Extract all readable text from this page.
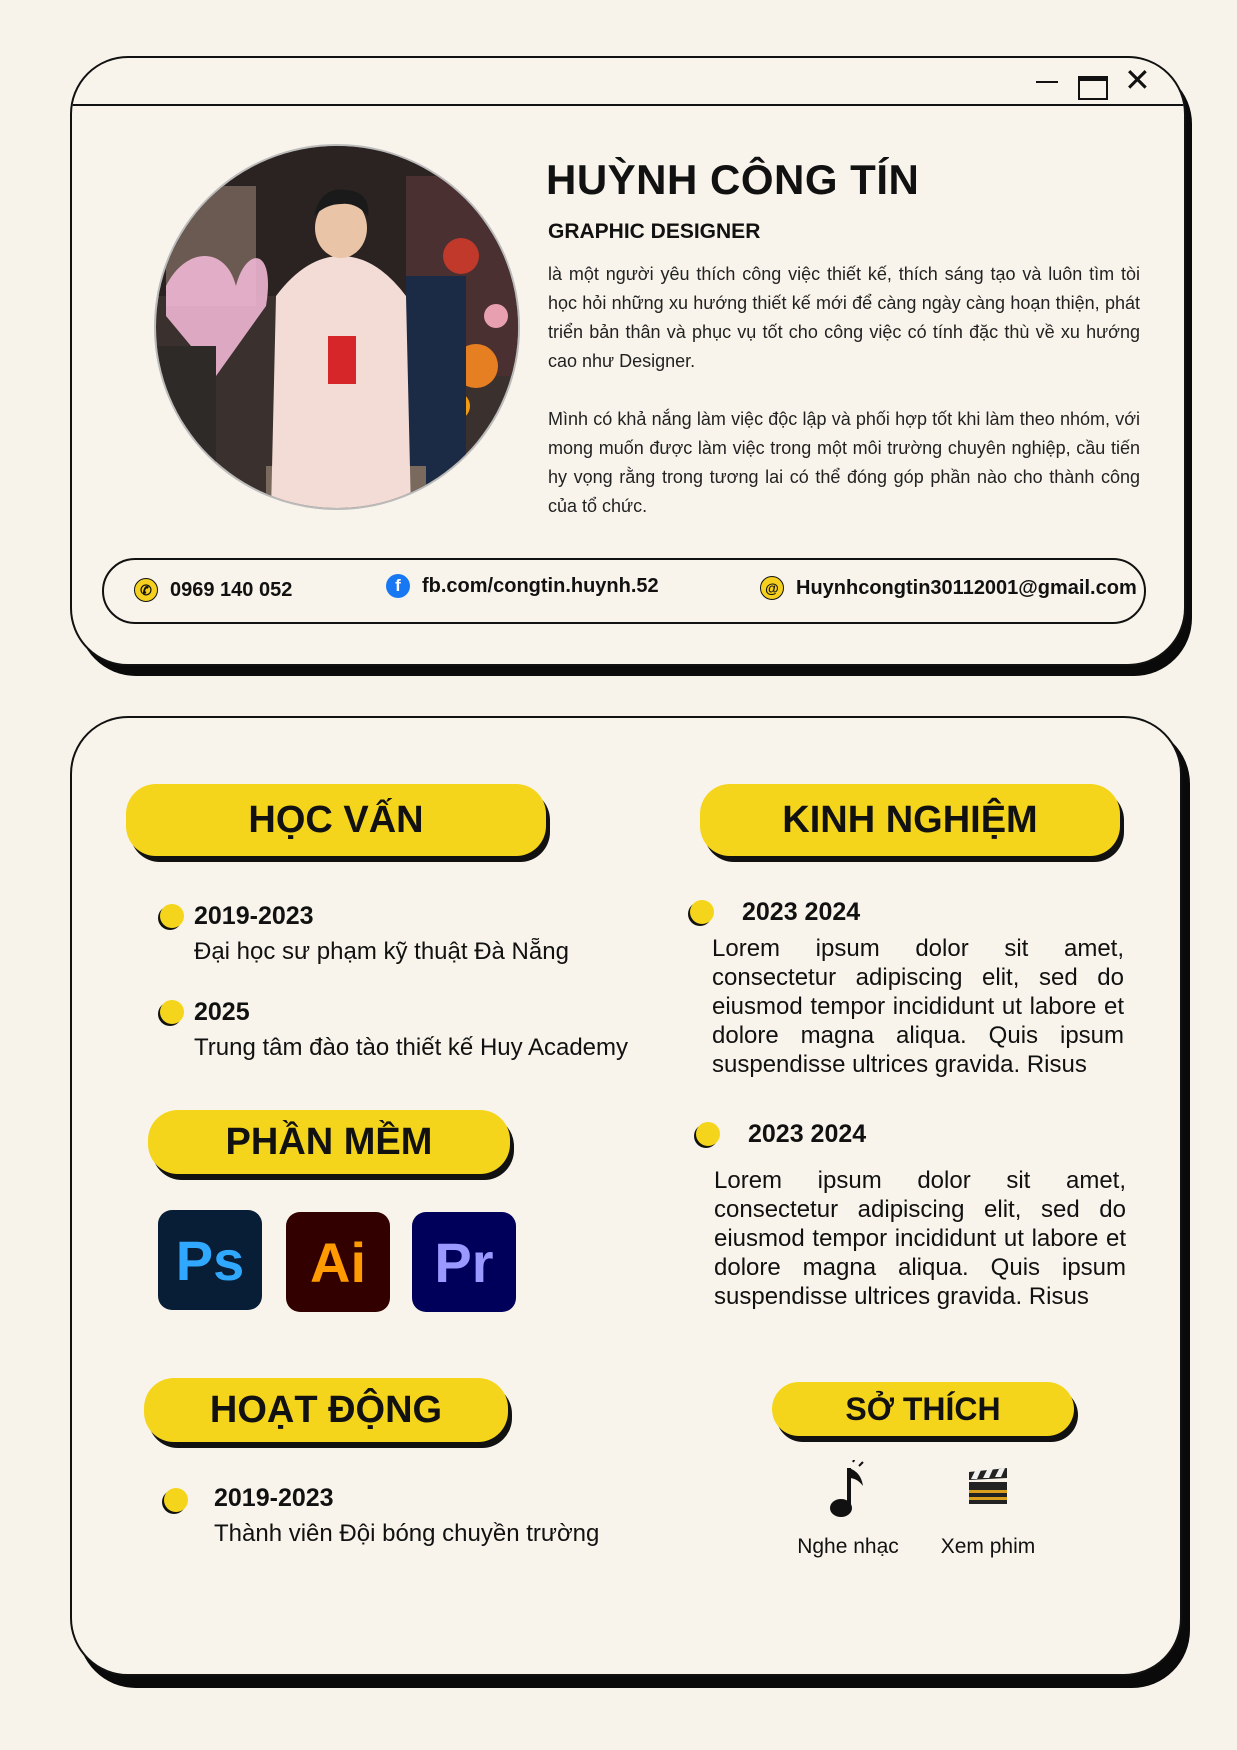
✕
HUỲNH CÔNG TÍN
GRAPHIC DESIGNER

là một người yêu thích công việc thiết kế, thích sáng tạo và luôn tìm tòi học hỏi những xu hướng thiết kế mới để càng ngày càng hoạn thiện, phát triển bản thân và phục vụ tốt cho công việc có tính đặc thù về xu hướng cao như Designer.

Mình có khả nắng làm việc độc lập và phối hợp tốt khi làm theo nhóm, với mong muốn được làm việc trong một môi trường chuyên nghiệp, cầu tiến hy vọng rằng trong tương lai có thể đóng góp phần nào cho thành công của tổ chức.

✆ 0969 140 052	f	fb.com/congtin.huynh.52	@ Huynhcongtin30112001@gmail.com
HỌC VẤN
2019-2023
Đại học sư phạm kỹ thuật Đà Nẵng
2025
Trung tâm đào tào thiết kế Huy Academy
KINH NGHIỆM
2023 2024
Lorem ipsum dolor sit amet, consectetur adipiscing elit, sed do eiusmod tempor incididunt ut labore et dolore magna aliqua. Quis ipsum suspendisse ultrices gravida. Risus
2023 2024
Lorem ipsum dolor sit amet, consectetur adipiscing elit, sed do eiusmod tempor incididunt ut labore et dolore magna aliqua. Quis ipsum suspendisse ultrices gravida. Risus
PHẦN MỀM
Ps Ai Pr
HOẠT ĐỘNG
2019-2023
Thành viên Đội bóng chuyền trường
SỞ THÍCH
Nghe nhạc	Xem phim
